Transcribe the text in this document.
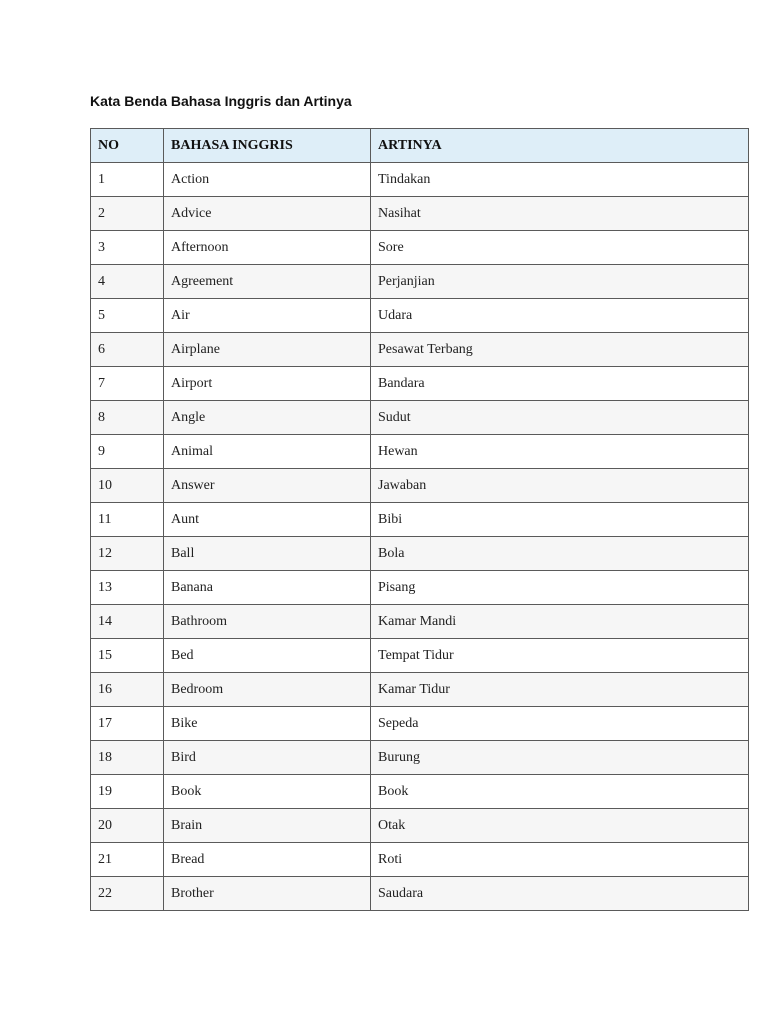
Kata Benda Bahasa Inggris dan Artinya
NO	BAHASA INGGRIS	ARTINYA
1	Action	Tindakan
2	Advice	Nasihat
3	Afternoon	Sore
4	Agreement	Perjanjian
5	Air	Udara
6	Airplane	Pesawat Terbang
7	Airport	Bandara
8	Angle	Sudut
9	Animal	Hewan
10	Answer	Jawaban
11	Aunt	Bibi
12	Ball	Bola
13	Banana	Pisang
14	Bathroom	Kamar Mandi
15	Bed	Tempat Tidur
16	Bedroom	Kamar Tidur
17	Bike	Sepeda
18	Bird	Burung
19	Book	Book
20	Brain	Otak
21	Bread	Roti
22	Brother	Saudara
